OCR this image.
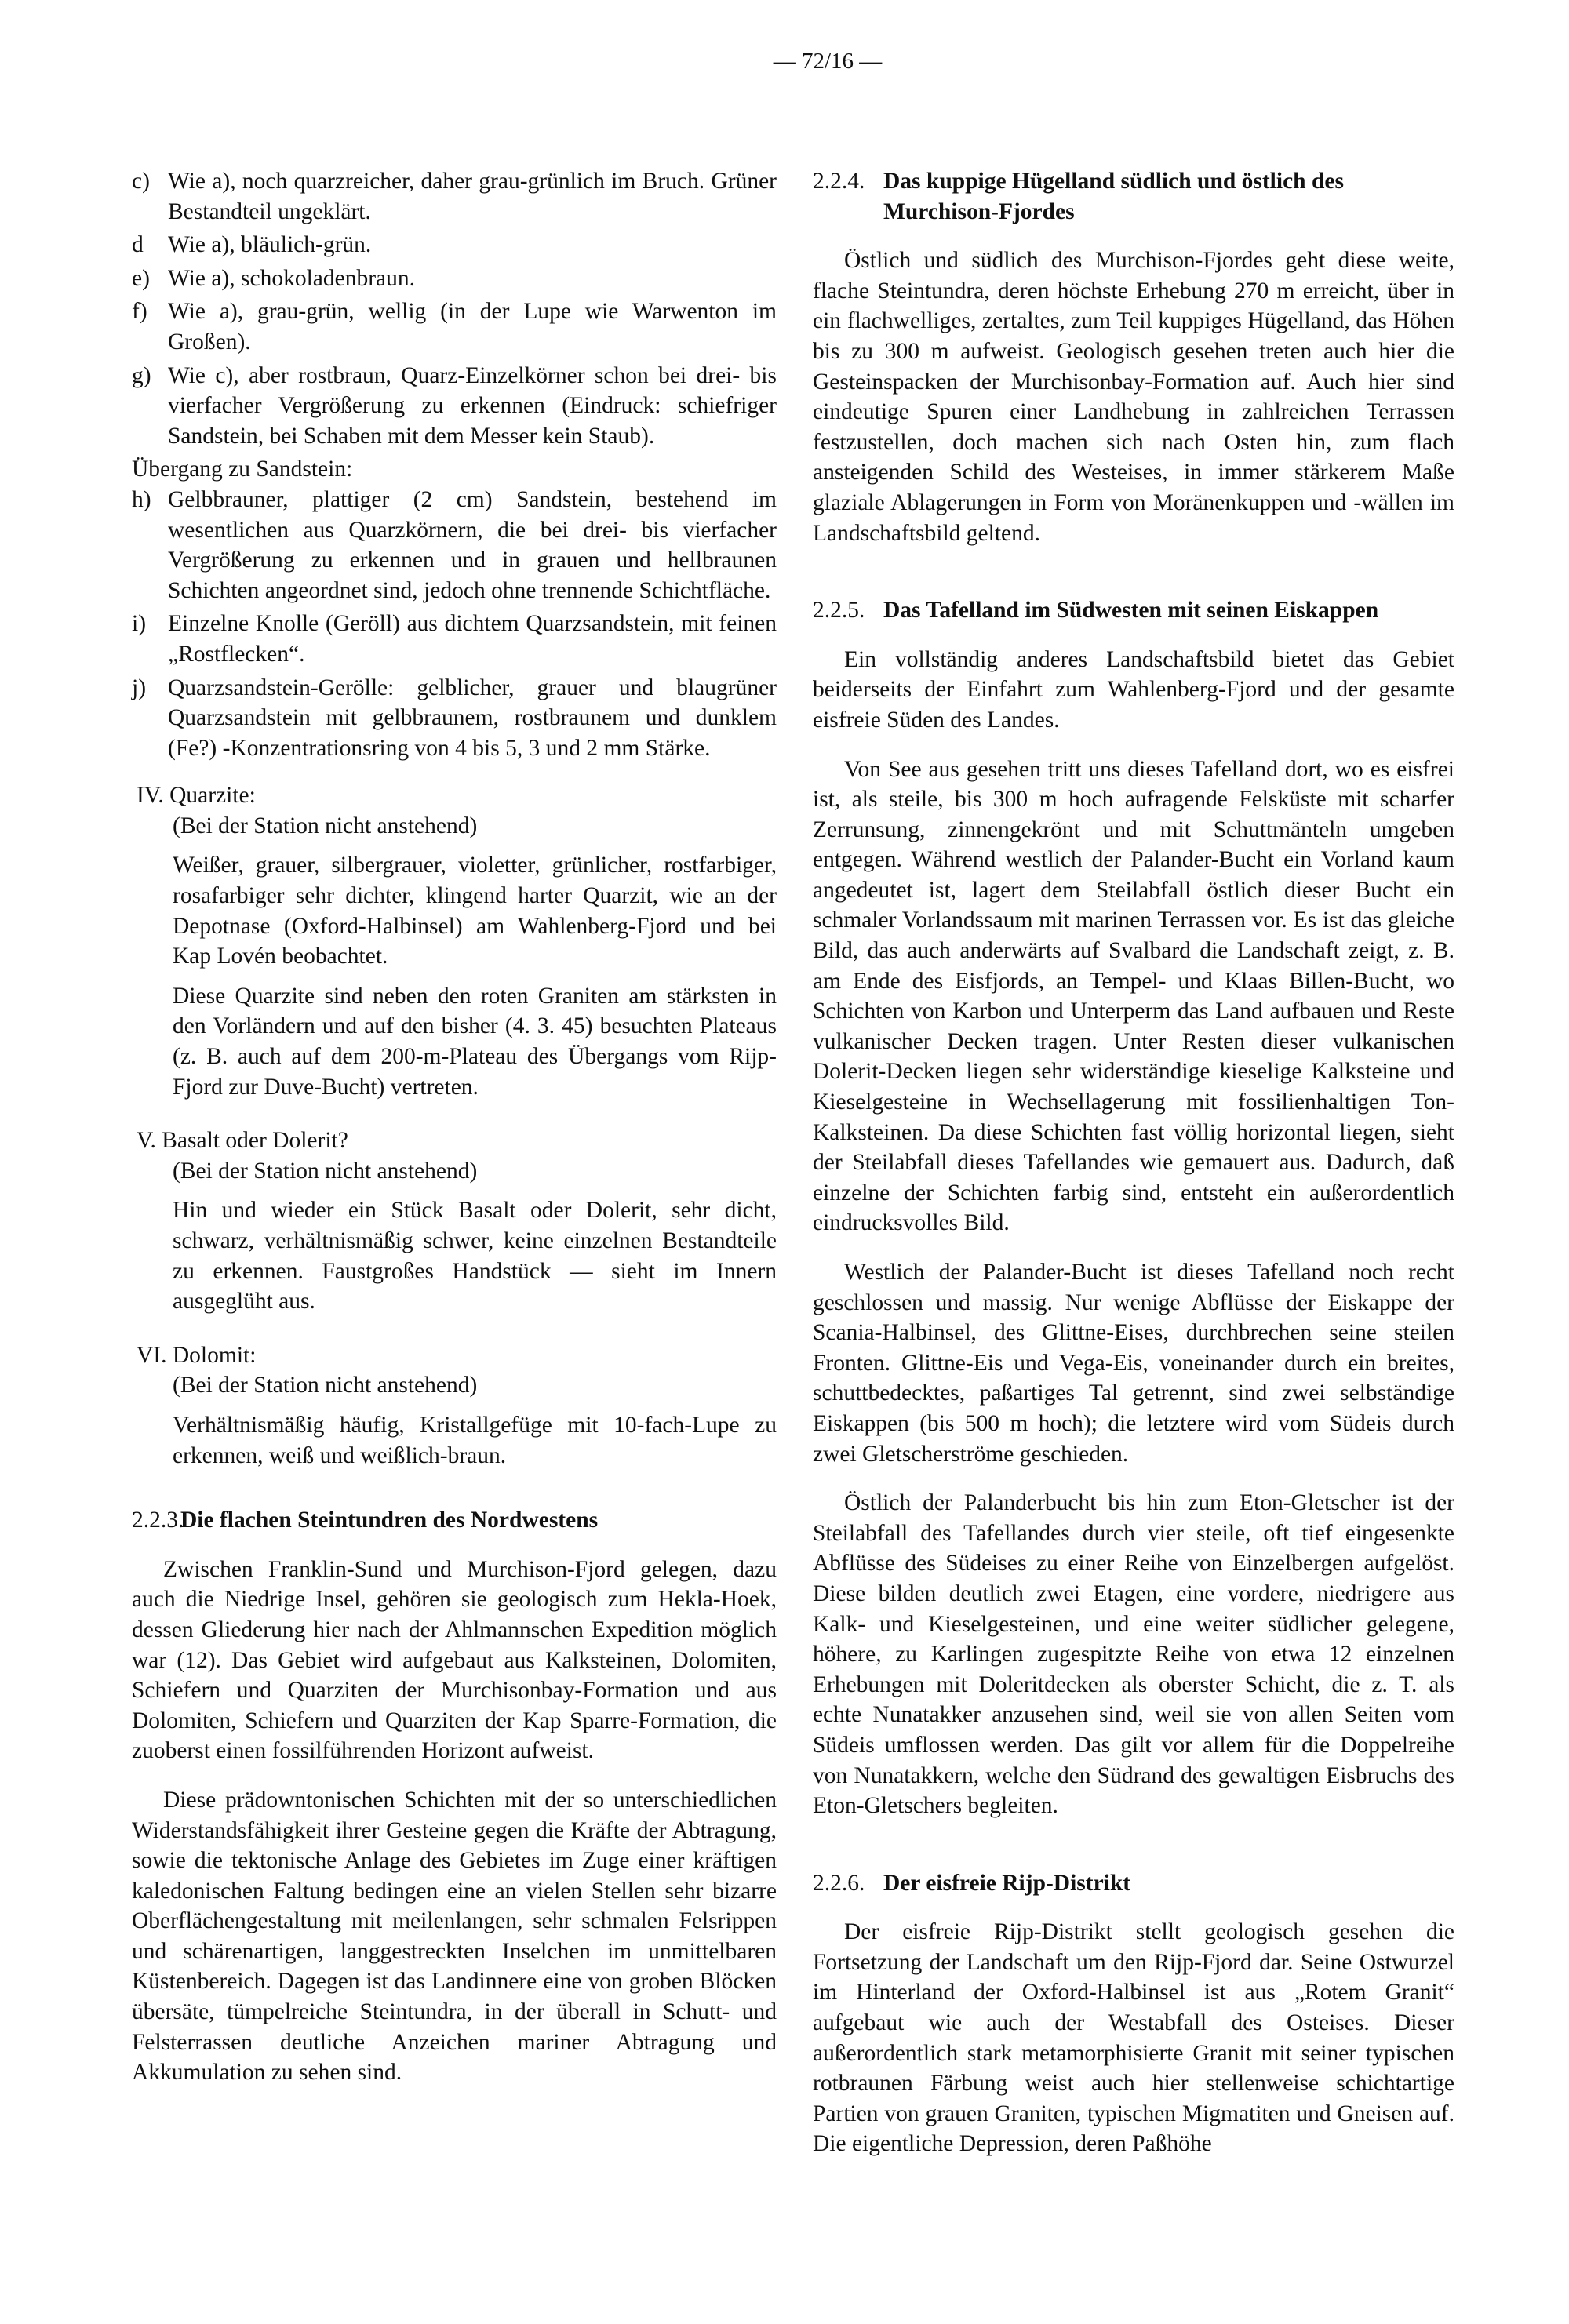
— 72/16 —
c) Wie a), noch quarzreicher, daher grau-grünlich im Bruch. Grüner Bestandteil ungeklärt.
d	Wie a), bläulich-grün.
e) Wie a), schokoladenbraun.
f) Wie a), grau-grün, wellig (in der Lupe wie Warwenton im Großen).
g) Wie c), aber rostbraun, Quarz-Einzelkörner schon bei drei- bis vierfacher Vergrößerung zu erkennen (Eindruck: schiefriger Sandstein, bei Schaben mit dem Messer kein Staub).

Übergang zu Sandstein:

h) Gelbbrauner, plattiger (2 cm) Sandstein, bestehend im wesentlichen aus Quarzkörnern, die bei drei- bis vierfacher Vergrößerung zu erkennen und in grauen und hellbraunen Schichten angeordnet sind, jedoch ohne trennende Schichtfläche.
i) Einzelne Knolle (Geröll) aus dichtem Quarzsandstein, mit feinen „Rostflecken“.
j) Quarzsandstein-Gerölle: gelblicher, grauer und blaugrüner Quarzsandstein mit gelbbraunem, rostbraunem und dunklem (Fe?) -Konzentrationsring von 4 bis 5, 3 und 2 mm Stärke.

IV. Quarzite:

(Bei der Station nicht anstehend)

Weißer, grauer, silbergrauer, violetter, grünlicher, rostfarbiger, rosafarbiger sehr dichter, klingend harter Quarzit, wie an der Depotnase (Oxford-Halbinsel) am Wahlenberg-Fjord und bei Kap Lovén beobachtet.

Diese Quarzite sind neben den roten Graniten am stärksten in den Vorländern und auf den bisher (4. 3. 45) besuchten Plateaus (z. B. auch auf dem 200-m-Plateau des Übergangs vom Rijp-Fjord zur Duve-Bucht) vertreten.

V. Basalt oder Dolerit?

(Bei der Station nicht anstehend)

Hin und wieder ein Stück Basalt oder Dolerit, sehr dicht, schwarz, verhältnismäßig schwer, keine einzelnen Bestandteile zu erkennen. Faustgroßes Handstück — sieht im Innern ausgeglüht aus.

VI. Dolomit:

(Bei der Station nicht anstehend)

Verhältnismäßig häufig, Kristallgefüge mit 10-fach-Lupe zu erkennen, weiß und weißlich-braun.

2.2.3.
Die flachen Steintundren des Nordwestens

Zwischen Franklin-Sund und Murchison-Fjord gelegen, dazu auch die Niedrige Insel, gehören sie geologisch zum Hekla-Hoek, dessen Gliederung hier nach der Ahlmannschen Expedition möglich war (12). Das Gebiet wird aufgebaut aus Kalksteinen, Dolomiten, Schiefern und Quarziten der Murchisonbay-Formation und aus Dolomiten, Schiefern und Quarziten der Kap Sparre-Formation, die zuoberst einen fossilführenden Horizont aufweist.

Diese prädowntonischen Schichten mit der so unterschiedlichen Widerstandsfähigkeit ihrer Gesteine gegen die Kräfte der Abtragung, sowie die tektonische Anlage des Gebietes im Zuge einer kräftigen kaledonischen Faltung bedingen eine an vielen Stellen sehr bizarre Oberflächengestaltung mit meilenlangen, sehr schmalen Felsrippen und schärenartigen, langgestreckten Inselchen im unmittelbaren Küstenbereich. Dagegen ist das Landinnere eine von groben Blöcken übersäte, tümpelreiche Steintundra, in der überall in Schutt- und Felsterrassen deutliche Anzeichen mariner Abtragung und Akkumulation zu sehen sind.

2.2.4. Das kuppige Hügelland südlich und östlich des Murchison-Fjordes

Östlich und südlich des Murchison-Fjordes geht diese weite, flache Steintundra, deren höchste Erhebung 270 m erreicht, über in ein flachwelliges, zertaltes, zum Teil kuppiges Hügelland, das Höhen bis zu 300 m aufweist. Geologisch gesehen treten auch hier die Gesteinspacken der Murchisonbay-Formation auf. Auch hier sind eindeutige Spuren einer Landhebung in zahlreichen Terrassen festzustellen, doch machen sich nach Osten hin, zum flach ansteigenden Schild des Westeises, in immer stärkerem Maße glaziale Ablagerungen in Form von Moränenkuppen und -wällen im Landschaftsbild geltend.

2.2.5. Das Tafelland im Südwesten mit seinen Eiskappen

Ein vollständig anderes Landschaftsbild bietet das Gebiet beiderseits der Einfahrt zum Wahlenberg-Fjord und der gesamte eisfreie Süden des Landes.

Von See aus gesehen tritt uns dieses Tafelland dort, wo es eisfrei ist, als steile, bis 300 m hoch aufragende Felsküste mit scharfer Zerrunsung, zinnengekrönt und mit Schuttmänteln umgeben entgegen. Während westlich der Palander-Bucht ein Vorland kaum angedeutet ist, lagert dem Steilabfall östlich dieser Bucht ein schmaler Vorlandssaum mit marinen Terrassen vor. Es ist das gleiche Bild, das auch anderwärts auf Svalbard die Landschaft zeigt, z. B. am Ende des Eisfjords, an Tempel- und Klaas Billen-Bucht, wo Schichten von Karbon und Unterperm das Land aufbauen und Reste vulkanischer Decken tragen. Unter Resten dieser vulkanischen Dolerit-Decken liegen sehr widerständige kieselige Kalksteine und Kieselgesteine in Wechsellagerung mit fossilienhaltigen Ton-Kalksteinen. Da diese Schichten fast völlig horizontal liegen, sieht der Steilabfall dieses Tafellandes wie gemauert aus. Dadurch, daß einzelne der Schichten farbig sind, entsteht ein außerordentlich eindrucksvolles Bild.

Westlich der Palander-Bucht ist dieses Tafelland noch recht geschlossen und massig. Nur wenige Abflüsse der Eiskappe der Scania-Halbinsel, des Glittne-Eises, durchbrechen seine steilen Fronten. Glittne-Eis und Vega-Eis, voneinander durch ein breites, schuttbedecktes, paßartiges Tal getrennt, sind zwei selbständige Eiskappen (bis 500 m hoch); die letztere wird vom Südeis durch zwei Gletscherströme geschieden.

Östlich der Palanderbucht bis hin zum Eton-Gletscher ist der Steilabfall des Tafellandes durch vier steile, oft tief eingesenkte Abflüsse des Südeises zu einer Reihe von Einzelbergen aufgelöst. Diese bilden deutlich zwei Etagen, eine vordere, niedrigere aus Kalk- und Kieselgesteinen, und eine weiter südlicher gelegene, höhere, zu Karlingen zugespitzte Reihe von etwa 12 einzelnen Erhebungen mit Doleritdecken als oberster Schicht, die z. T. als echte Nunatakker anzusehen sind, weil sie von allen Seiten vom Südeis umflossen werden. Das gilt vor allem für die Doppelreihe von Nunatakkern, welche den Südrand des gewaltigen Eisbruchs des Eton-Gletschers begleiten.

2.2.6. Der eisfreie Rijp-Distrikt

Der eisfreie Rijp-Distrikt stellt geologisch gesehen die Fortsetzung der Landschaft um den Rijp-Fjord dar. Seine Ostwurzel im Hinterland der Oxford-Halbinsel ist aus „Rotem Granit“ aufgebaut wie auch der Westabfall des Osteises. Dieser außerordentlich stark metamorphisierte Granit mit seiner typischen rotbraunen Färbung weist auch hier stellenweise schichtartige Partien von grauen Graniten, typischen Migmatiten und Gneisen auf. Die eigentliche Depression, deren Paßhöhe
